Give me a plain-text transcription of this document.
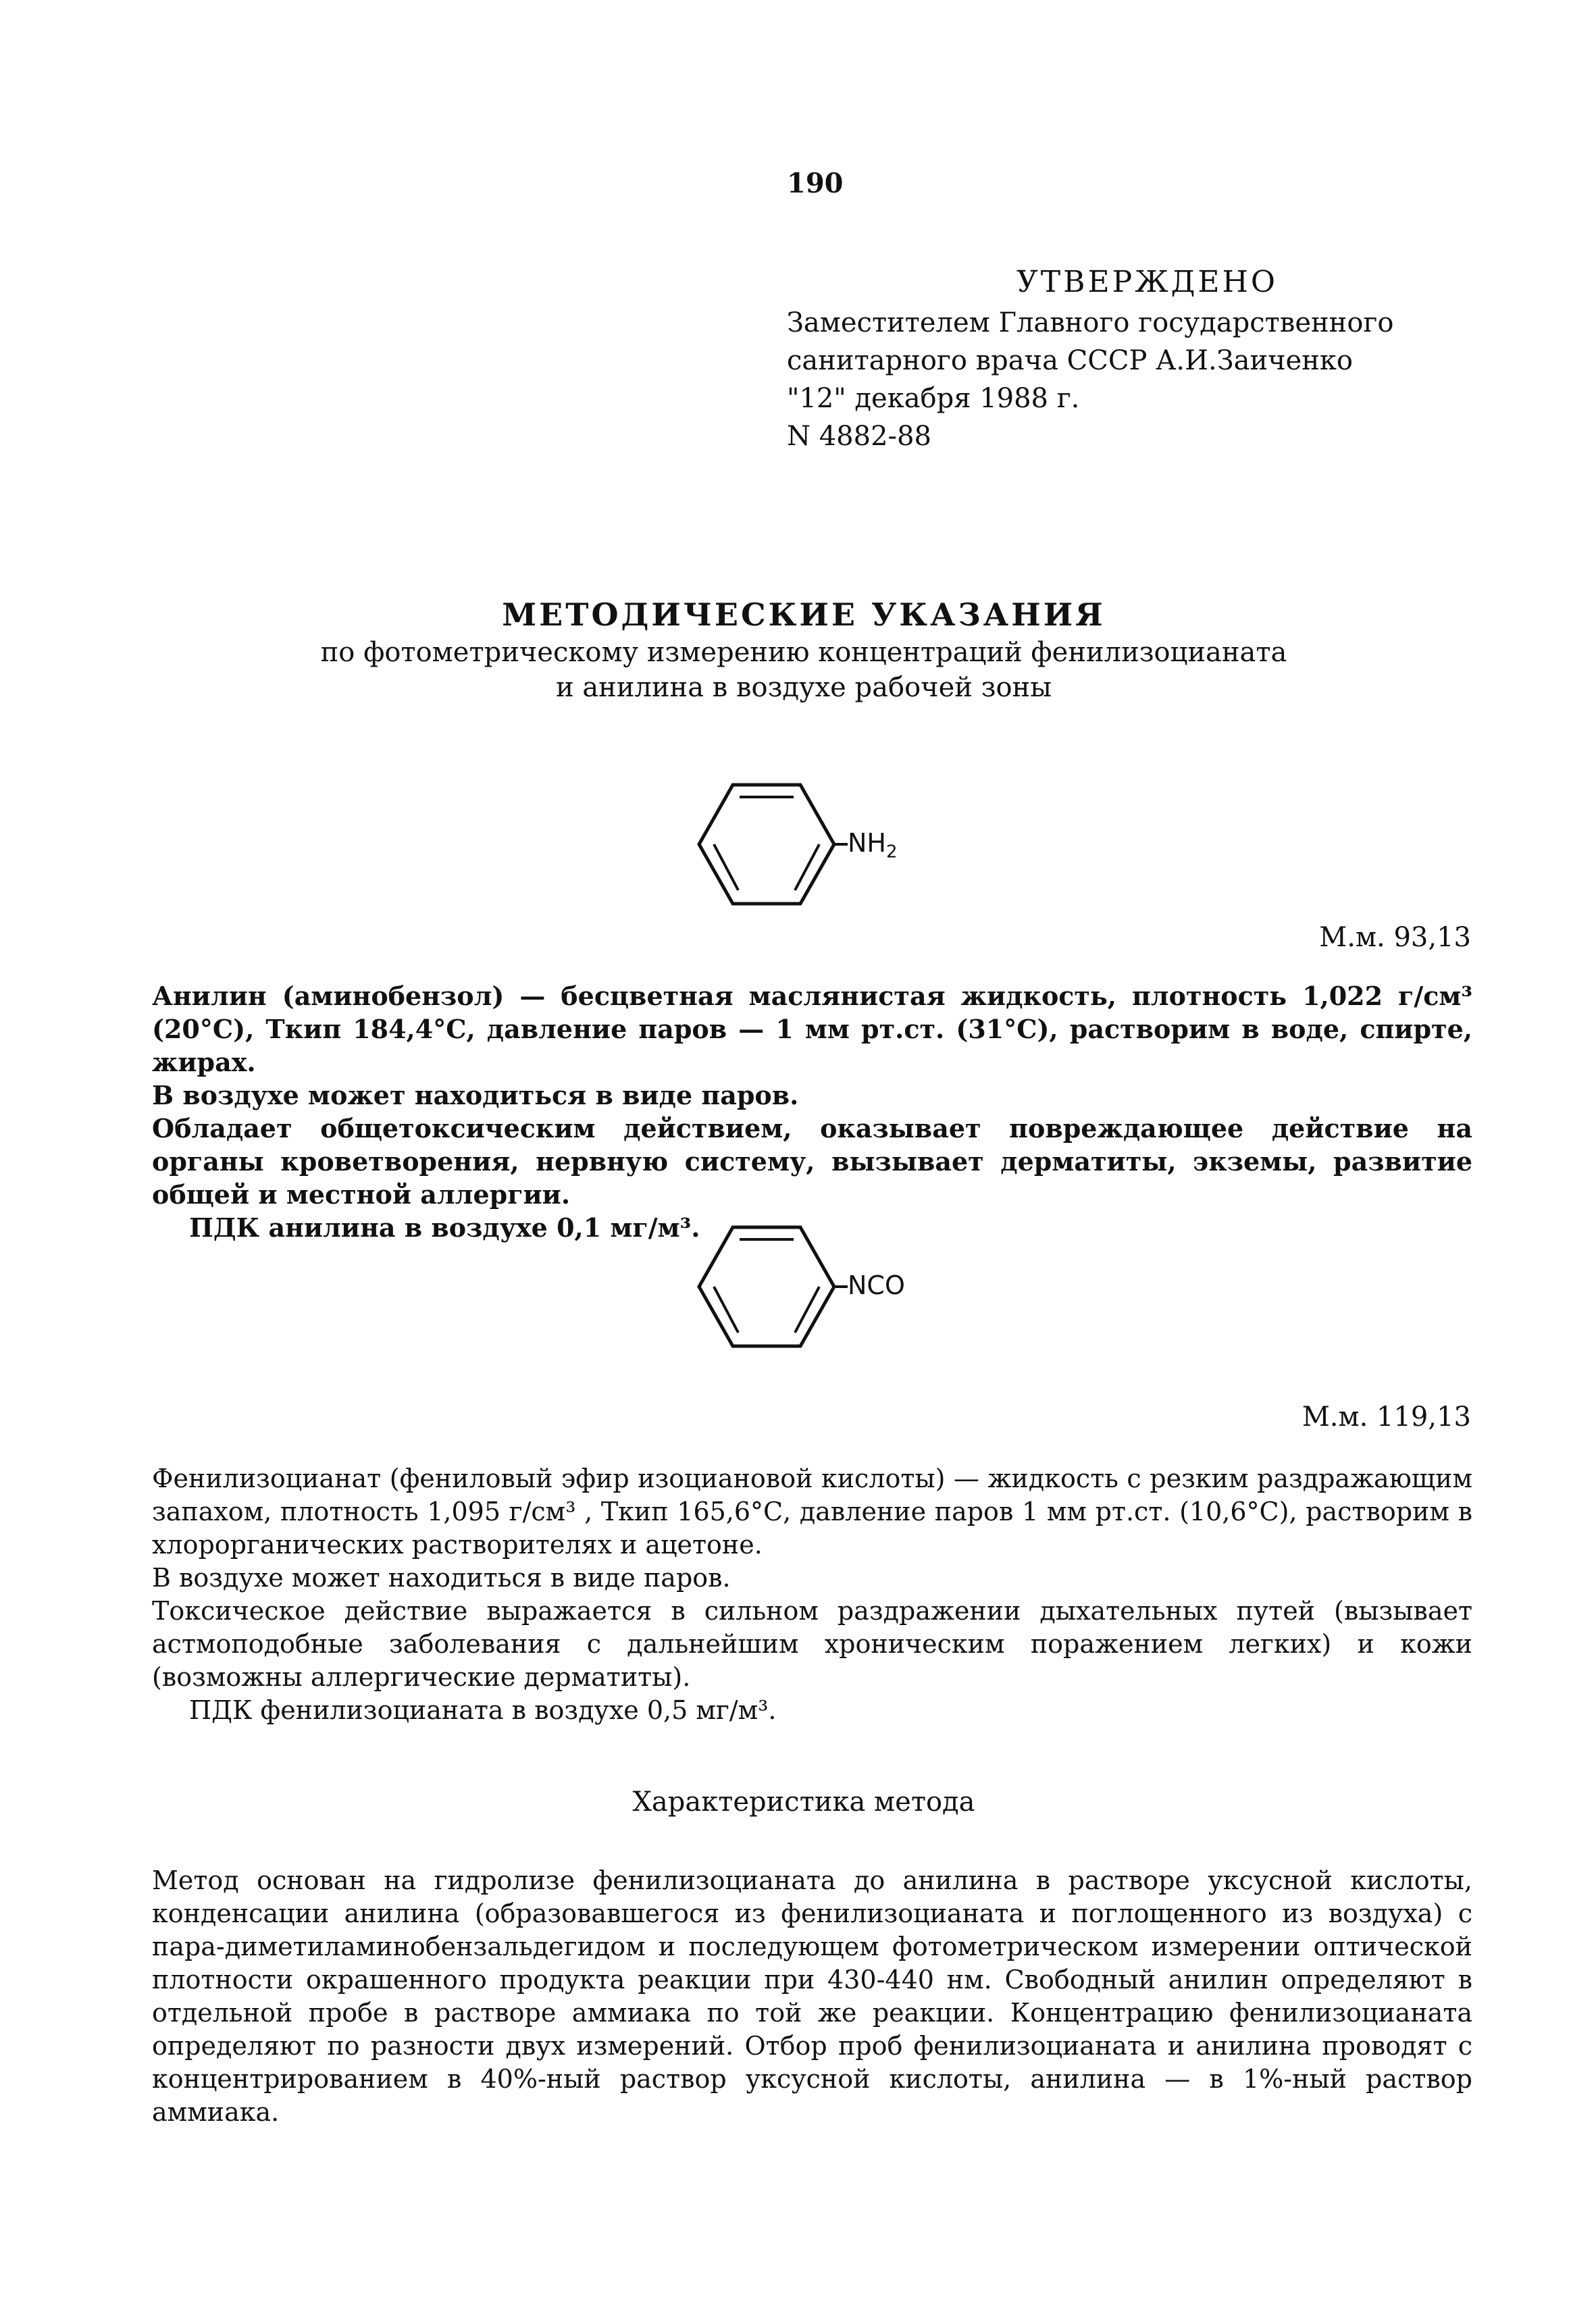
190
УТВЕРЖДЕНО
Заместителем Главного государственного
санитарного врача СССР А.И.Заиченко
"12" декабря 1988 г.
N 4882-88
МЕТОДИЧЕСКИЕ УКАЗАНИЯ
по фотометрическому измерению концентраций фенилизоцианата
и анилина в воздухе рабочей зоны
$NH_2$
М.м. 93,13

Анилин (аминобензол) — бесцветная маслянистая жидкость, плотность 1,022 г/см³ (20°С), Ткип 184,4°С, давление паров — 1 мм рт.ст. (31°С), растворим в воде, спирте, жирах.

В воздухе может находиться в виде паров.

Обладает общетоксическим действием, оказывает повреждающее действие на органы кроветворения, нервную систему, вызывает дерматиты, экземы, развитие общей и местной аллергии.

ПДК анилина в воздухе 0,1 мг/м³.

NCO
М.м. 119,13

Фенилизоцианат (фениловый эфир изоциановой кислоты) — жидкость с резким раздражающим запахом, плотность 1,095 г/см³ , Ткип 165,6°С, давление паров 1 мм рт.ст. (10,6°С), растворим в хлорорганических растворителях и ацетоне.

В воздухе может находиться в виде паров.

Токсическое действие выражается в сильном раздражении дыхательных путей (вызывает астмоподобные заболевания с дальнейшим хроническим поражением легких) и кожи (возможны аллергические дерматиты).

ПДК фенилизоцианата в воздухе 0,5 мг/м³.

Характеристика метода

Метод основан на гидролизе фенилизоцианата до анилина в растворе уксусной кислоты, конденсации анилина (образовавшегося из фенилизоцианата и поглощенного из воздуха) с пара-диметиламинобензальдегидом и последующем фотометрическом измерении оптической плотности окрашенного продукта реакции при 430-440 нм. Свободный анилин определяют в отдельной пробе в растворе аммиака по той же реакции. Концентрацию фенилизоцианата определяют по разности двух измерений. Отбор проб фенилизоцианата и анилина проводят с концентрированием в 40%-ный раствор уксусной кислоты, анилина — в 1%-ный раствор аммиака.
